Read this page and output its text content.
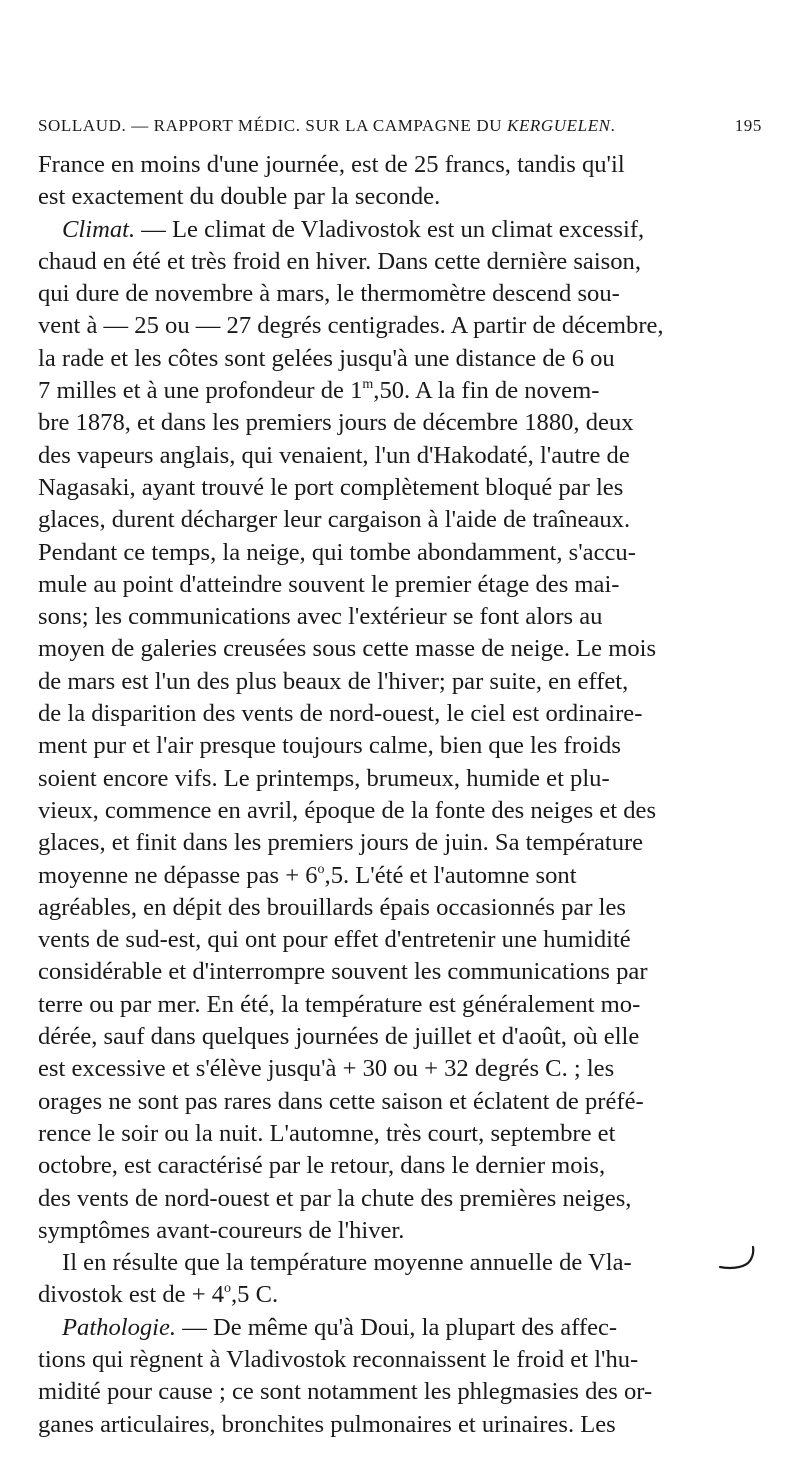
SOLLAUD. — RAPPORT MÉDIC. SUR LA CAMPAGNE DU KERGUELEN.	195
France en moins d'une journée, est de 25 francs, tandis qu'il
est exactement du double par la seconde.
Climat. — Le climat de Vladivostok est un climat excessif,
chaud en été et très froid en hiver. Dans cette dernière saison,
qui dure de novembre à mars, le thermomètre descend sou-
vent à — 25 ou — 27 degrés centigrades. A partir de décembre,
la rade et les côtes sont gelées jusqu'à une distance de 6 ou
7 milles et à une profondeur de 1m,50. A la fin de novem-
bre 1878, et dans les premiers jours de décembre 1880, deux
des vapeurs anglais, qui venaient, l'un d'Hakodaté, l'autre de
Nagasaki, ayant trouvé le port complètement bloqué par les
glaces, durent décharger leur cargaison à l'aide de traîneaux.
Pendant ce temps, la neige, qui tombe abondamment, s'accu-
mule au point d'atteindre souvent le premier étage des mai-
sons; les communications avec l'extérieur se font alors au
moyen de galeries creusées sous cette masse de neige. Le mois
de mars est l'un des plus beaux de l'hiver; par suite, en effet,
de la disparition des vents de nord-ouest, le ciel est ordinaire-
ment pur et l'air presque toujours calme, bien que les froids
soient encore vifs. Le printemps, brumeux, humide et plu-
vieux, commence en avril, époque de la fonte des neiges et des
glaces, et finit dans les premiers jours de juin. Sa température
moyenne ne dépasse pas + 6o,5. L'été et l'automne sont
agréables, en dépit des brouillards épais occasionnés par les
vents de sud-est, qui ont pour effet d'entretenir une humidité
considérable et d'interrompre souvent les communications par
terre ou par mer. En été, la température est généralement mo-
dérée, sauf dans quelques journées de juillet et d'août, où elle
est excessive et s'élève jusqu'à + 30 ou + 32 degrés C. ; les
orages ne sont pas rares dans cette saison et éclatent de préfé-
rence le soir ou la nuit. L'automne, très court, septembre et
octobre, est caractérisé par le retour, dans le dernier mois,
des vents de nord-ouest et par la chute des premières neiges,
symptômes avant-coureurs de l'hiver.
Il en résulte que la température moyenne annuelle de Vla-
divostok est de + 4o,5 C.
Pathologie. — De même qu'à Doui, la plupart des affec-
tions qui règnent à Vladivostok reconnaissent le froid et l'hu-
midité pour cause ; ce sont notamment les phlegmasies des or-
ganes articulaires, bronchites pulmonaires et urinaires. Les
